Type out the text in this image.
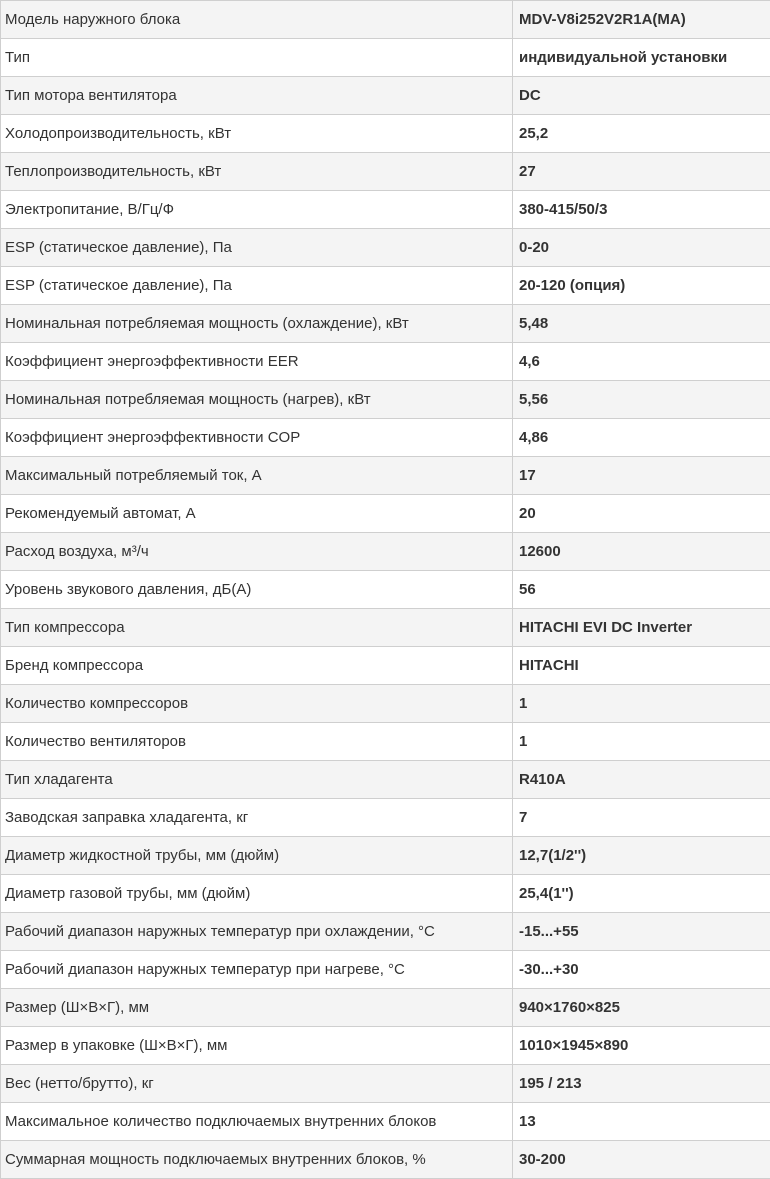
Модель наружного блока	MDV-V8i252V2R1A(MA)
Тип	индивидуальной установки
Тип мотора вентилятора	DC
Холодопроизводительность, кВт	25,2
Теплопроизводительность, кВт	27
Электропитание, В/Гц/Ф	380-415/50/3
ESP (статическое давление), Па	0-20
ESP (статическое давление), Па	20-120 (опция)
Номинальная потребляемая мощность (охлаждение), кВт	5,48
Коэффициент энергоэффективности EER	4,6
Номинальная потребляемая мощность (нагрев), кВт	5,56
Коэффициент энергоэффективности COP	4,86
Максимальный потребляемый ток, А	17
Рекомендуемый автомат, А	20
Расход воздуха, м³/ч	12600
Уровень звукового давления, дБ(А)	56
Тип компрессора	HITACHI EVI DC Inverter
Бренд компрессора	HITACHI
Количество компрессоров	1
Количество вентиляторов	1
Тип хладагента	R410A
Заводская заправка хладагента, кг	7
Диаметр жидкостной трубы, мм (дюйм)	12,7(1/2'')
Диаметр газовой трубы, мм (дюйм)	25,4(1'')
Рабочий диапазон наружных температур при охлаждении, °С	-15...+55
Рабочий диапазон наружных температур при нагреве, °С	-30...+30
Размер (Ш×В×Г), мм	940×1760×825
Размер в упаковке (Ш×В×Г), мм	1010×1945×890
Вес (нетто/брутто), кг	195 / 213
Максимальное количество подключаемых внутренних блоков	13
Суммарная мощность подключаемых внутренних блоков, %	30-200
